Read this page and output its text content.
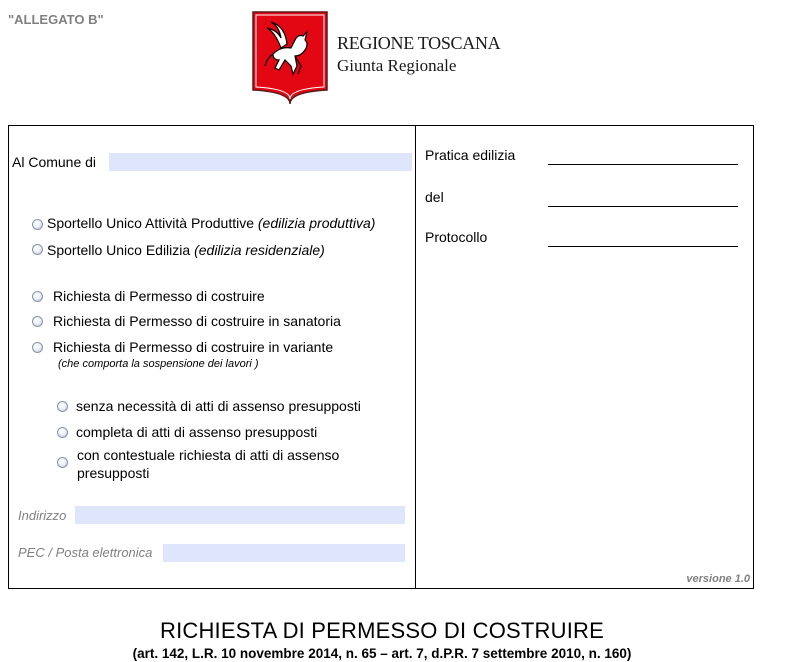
"ALLEGATO B"
REGIONE TOSCANA
Giunta Regionale
Al Comune di
Sportello Unico Attività Produttive (edilizia produttiva)
Sportello Unico Edilizia (edilizia residenziale)
Richiesta di Permesso di costruire
Richiesta di Permesso di costruire in sanatoria
Richiesta di Permesso di costruire in variante
(che comporta la sospensione dei lavori )
senza necessità di atti di assenso presupposti
completa di atti di assenso presupposti
con contestuale richiesta di atti di assenso
presupposti
Indirizzo
PEC / Posta elettronica
Pratica edilizia
del
Protocollo
versione 1.0
RICHIESTA DI PERMESSO DI COSTRUIRE
(art. 142, L.R. 10 novembre 2014, n. 65 – art. 7, d.P.R. 7 settembre 2010, n. 160)
